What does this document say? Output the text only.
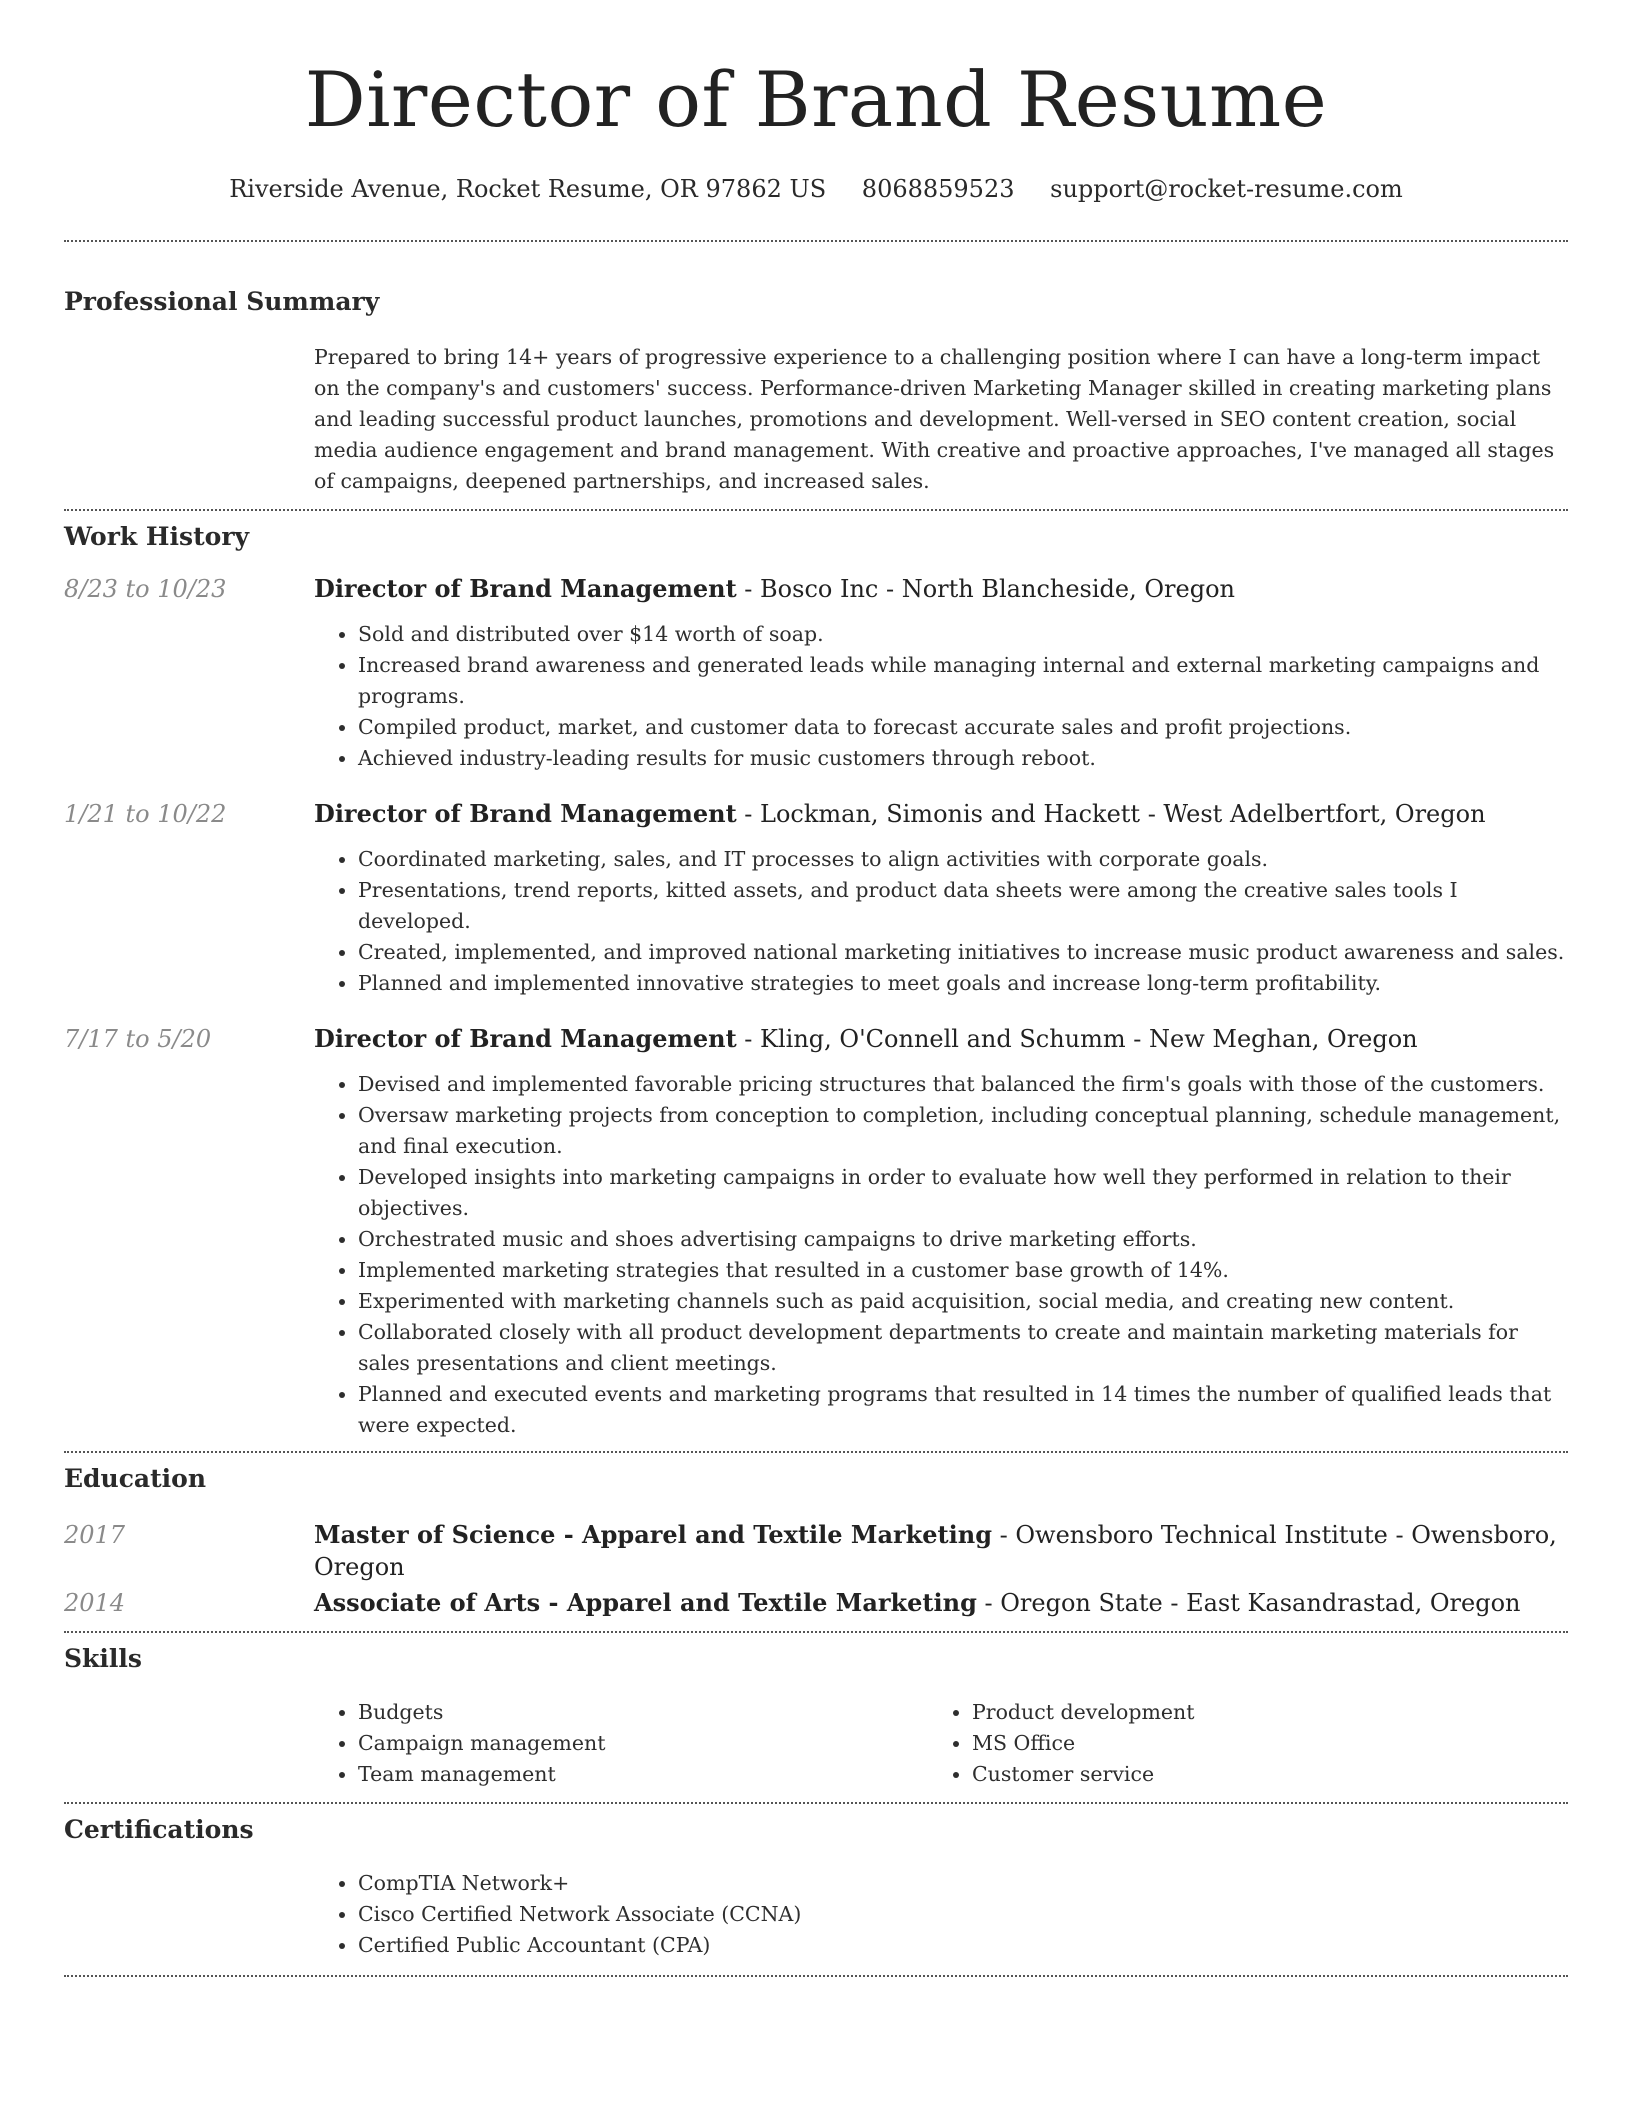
Director of Brand Resume
Riverside Avenue, Rocket Resume, OR 97862 US 8068859523 support@rocket-resume.com
Professional Summary

Prepared to bring 14+ years of progressive experience to a challenging position where I can have a long-term impact on the company's and customers' success. Performance-driven Marketing Manager skilled in creating marketing plans and leading successful product launches, promotions and development. Well-versed in SEO content creation, social media audience engagement and brand management. With creative and proactive approaches, I've managed all stages of campaigns, deepened partnerships, and increased sales.

Work History
8/23 to 10/23	Director of Brand Management - Bosco Inc - North Blancheside, Oregon
• Sold and distributed over $14 worth of soap.
• Increased brand awareness and generated leads while managing internal and external marketing campaigns and programs.
• Compiled product, market, and customer data to forecast accurate sales and profit projections.
• Achieved industry-leading results for music customers through reboot.
1/21 to 10/22	Director of Brand Management - Lockman, Simonis and Hackett - West Adelbertfort, Oregon
• Coordinated marketing, sales, and IT processes to align activities with corporate goals.
• Presentations, trend reports, kitted assets, and product data sheets were among the creative sales tools I developed.
• Created, implemented, and improved national marketing initiatives to increase music product awareness and sales.
• Planned and implemented innovative strategies to meet goals and increase long-term profitability.
7/17 to 5/20	Director of Brand Management - Kling, O'Connell and Schumm - New Meghan, Oregon
• Devised and implemented favorable pricing structures that balanced the firm's goals with those of the customers.
• Oversaw marketing projects from conception to completion, including conceptual planning, schedule management, and final execution.
• Developed insights into marketing campaigns in order to evaluate how well they performed in relation to their objectives.
• Orchestrated music and shoes advertising campaigns to drive marketing efforts.
• Implemented marketing strategies that resulted in a customer base growth of 14%.
• Experimented with marketing channels such as paid acquisition, social media, and creating new content.
• Collaborated closely with all product development departments to create and maintain marketing materials for sales presentations and client meetings.
• Planned and executed events and marketing programs that resulted in 14 times the number of qualified leads that were expected.
Education
2017	Master of Science - Apparel and Textile Marketing - Owensboro Technical Institute - Owensboro, Oregon
2014	Associate of Arts - Apparel and Textile Marketing - Oregon State - East Kasandrastad, Oregon
Skills
• Budgets
• Campaign management
• Team management
• Product development
• MS Office
• Customer service
Certifications
• CompTIA Network+
• Cisco Certified Network Associate (CCNA)
• Certified Public Accountant (CPA)
